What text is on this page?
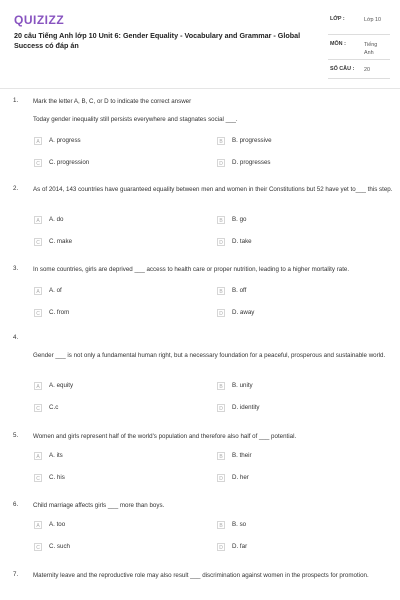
QUIZIZZ
20 câu Tiếng Anh lớp 10 Unit 6: Gender Equality - Vocabulary and Grammar - Global Success có đáp án
LỚP :	Lớp 10
MÔN :	Tiếng Anh
SỐ CÂU : 20
1. Mark the letter A, B, C, or D to indicate the correct answer
Today gender inequality still persists everywhere and stagnates social ___.
A	A. progress	B	B. progressive
C	C. progression	D	D. progresses
2. As of 2014, 143 countries have guaranteed equality between men and women in their Constitutions but 52 have yet to___ this step.
A	A. do	B	B. go
C	C. make	D	D. take
3. In some countries, girls are deprived ___ access to health care or proper nutrition, leading to a higher mortality rate.
A	A. of	B	B. off
C	C. from	D	D. away
4.
Gender ___ is not only a fundamental human right, but a necessary foundation for a peaceful, prosperous and sustainable world.
A	A. equity	B	B. unity
C	C.c	D	D. identity
5. Women and girls represent half of the world's population and therefore also half of ___ potential.
A	A. its	B	B. their
C	C. his	D	D. her
6. Child marriage affects girls ___ more than boys.
A	A. too	B	B. so
C	C. such	D	D. far
7. Maternity leave and the reproductive role may also result ___ discrimination against women in the prospects for promotion.
